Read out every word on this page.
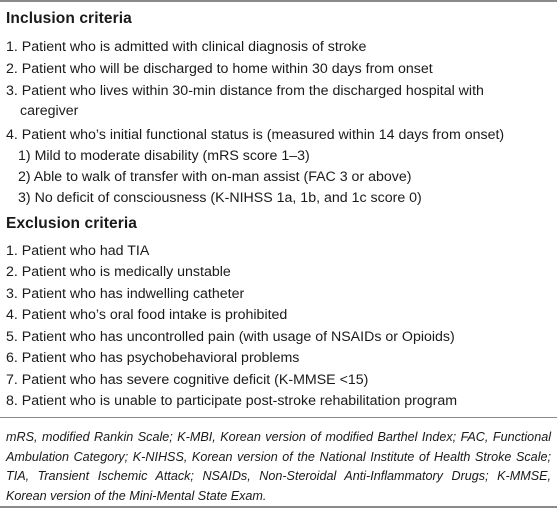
Inclusion criteria
1. Patient who is admitted with clinical diagnosis of stroke
2. Patient who will be discharged to home within 30 days from onset
3. Patient who lives within 30-min distance from the discharged hospital with
caregiver
4. Patient who’s initial functional status is (measured within 14 days from onset)
1) Mild to moderate disability (mRS score 1–3)
2) Able to walk of transfer with on-man assist (FAC 3 or above)
3) No deficit of consciousness (K-NIHSS 1a, 1b, and 1c score 0)
Exclusion criteria
1. Patient who had TIA
2. Patient who is medically unstable
3. Patient who has indwelling catheter
4. Patient who’s oral food intake is prohibited
5. Patient who has uncontrolled pain (with usage of NSAIDs or Opioids)
6. Patient who has psychobehavioral problems
7. Patient who has severe cognitive deficit (K-MMSE <15)
8. Patient who is unable to participate post-stroke rehabilitation program
mRS, modified Rankin Scale; K-MBI, Korean version of modified Barthel Index; FAC, Functional Ambulation Category; K-NIHSS, Korean version of the National Institute of Health Stroke Scale; TIA, Transient Ischemic Attack; NSAIDs, Non-Steroidal Anti-Inflammatory Drugs; K-MMSE, Korean version of the Mini-Mental State Exam.
